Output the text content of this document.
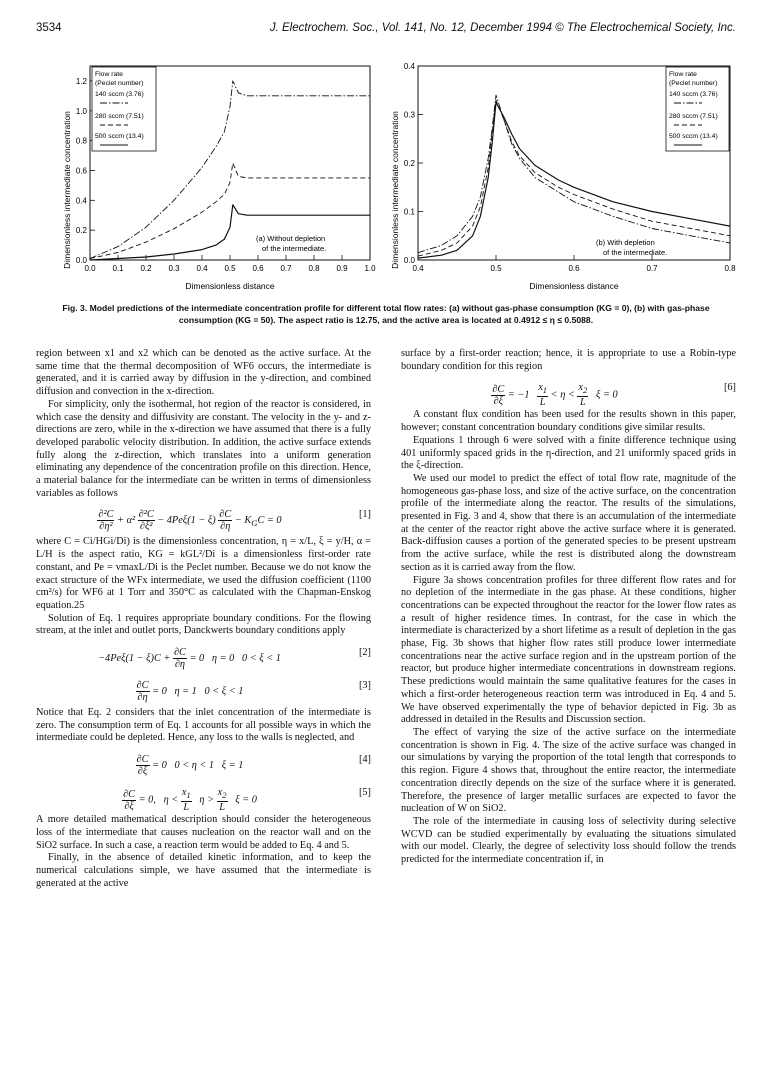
3534	J. Electrochem. Soc., Vol. 141, No. 12, December 1994 © The Electrochemical Society, Inc.
Dimensionless intermediate concentration 0.0 0.1 0.2 0.3 0.4 0.5 0.6 0.7 0.8 0.9 1.0
0.0
0.2
0.4
0.6
0.8
1.0
1.2
Dimensionless distance
(a) Without depletion
of the intermediate.
Flow rate
(Peclet number)
140 sccm (3.76)
280 sccm (7.51)
500 sccm (13.4)	Dimensionless intermediate concentration 0.4	0.5	0.6	0.7	0.8
0.0
0.1
0.2
0.3
0.4
Dimensionless distance
(b) With depletion
of the intermediate.
Flow rate
(Peclet number)
140 sccm (3.76)
280 sccm (7.51)
500 sccm (13.4)
Fig. 3. Model predictions of the intermediate concentration profile for different total flow rates: (a) without gas-phase consumption (KG = 0), (b) with gas-phase consumption (KG = 50). The aspect ratio is 12.75, and the active area is located at 0.4912 ≤ η ≤ 0.5088.

region between x1 and x2 which can be denoted as the active surface. At the same time that the thermal decomposition of WF6 occurs, the intermediate is generated, and it is carried away by diffusion in the y-direction, and combined diffusion and convection in the x-direction.

For simplicity, only the isothermal, hot region of the reactor is considered, in which case the density and diffusivity are constant. The velocity in the y- and z-directions are zero, while in the x-direction we have assumed that there is a fully developed parabolic velocity distribution. In addition, the active surface extends fully along the z-direction, which translates into a uniform generation eliminating any dependence of the concentration profile on this direction. Hence, a material balance for the intermediate can be written in terms of dimensionless variables as follows

$\frac{\text{∂²C}}{\text{∂η²}} + \alpha^2 \frac{\text{∂²C}}{\text{∂ξ²}} - 4Pe\xi(1 - \xi) \frac{\partial C}{\partial\eta} - K_GC = 0$
[1]

where C = Ci/HGi/Di) is the dimensionless concentration, η = x/L, ξ = y/H, α = L/H is the aspect ratio, KG = kGL²/Di is a dimensionless first-order rate constant, and Pe = vmaxL/Di is the Peclet number. Because we do not know the exact structure of the WFx intermediate, we used the diffusion coefficient (1100 cm²/s) for WF6 at 1 Torr and 350°C as calculated with the Chapman-Enskog equation.25

Solution of Eq. 1 requires appropriate boundary conditions. For the flowing stream, at the inlet and outlet ports, Danckwerts boundary conditions apply

$-4Pe\xi(1 - \xi)C + \frac{\partial C}{\partial\eta} = 0$   η = 0   0 < ξ < 1
[2]
$\frac{\partial C}{\partial\eta} = 0$   η = 1   0 < ξ < 1
[3]

Notice that Eq. 2 considers that the inlet concentration of the intermediate is zero. The consumption term of Eq. 1 accounts for all possible ways in which the intermediate could be depleted. Hence, any loss to the walls is neglected, and

$\frac{\partial C}{\partial\xi} = 0$   0 < η < 1   ξ = 1
[4]
$\frac{\partial C}{\partial\xi} = 0$,   $\eta < \frac{x_1}{L}$ $\eta > \frac{x_2}{L}$ ξ = 0
[5]

A more detailed mathematical description should consider the heterogeneous loss of the intermediate that causes nucleation on the reactor wall and on the SiO2 surface. In such a case, a reaction term would be added to Eq. 4 and 5.

Finally, in the absence of detailed kinetic information, and to keep the numerical calculations simple, we have assumed that the intermediate is generated at the active

surface by a first-order reaction; hence, it is appropriate to use a Robin-type boundary condition for this region

$\frac{\partial C}{\partial\xi} = -1 \frac{x_1}{L} < \eta < \frac{x_2}{L}$ ξ = 0
[6]

A constant flux condition has been used for the results shown in this paper, however; constant concentration boundary conditions give similar results.

Equations 1 through 6 were solved with a finite difference technique using 401 uniformly spaced grids in the η-direction, and 21 uniformly spaced grids in the ξ-direction.

We used our model to predict the effect of total flow rate, magnitude of the homogeneous gas-phase loss, and size of the active surface, on the concentration profile of the intermediate along the reactor. The results of the simulations, presented in Fig. 3 and 4, show that there is an accumulation of the intermediate at the center of the reactor right above the active surface where it is generated. Back-diffusion causes a portion of the generated species to be present upstream from the active surface, while the rest is distributed along the downstream section as it is carried away from the flow.

Figure 3a shows concentration profiles for three different flow rates and for no depletion of the intermediate in the gas phase. At these conditions, higher concentrations can be expected throughout the reactor for the lower flow rates as a result of higher residence times. In contrast, for the case in which the intermediate is characterized by a short lifetime as a result of depletion in the gas phase, Fig. 3b shows that higher flow rates still produce lower intermediate concentrations near the active surface region and in the upstream portion of the reactor, but produce higher intermediate concentrations in downstream regions. These predictions would maintain the same qualitative features for the cases in which a first-order heterogeneous reaction term was introduced in Eq. 4 and 5. We have observed experimentally the type of behavior depicted in Fig. 3b as addressed in detailed in the Results and Discussion section.

The effect of varying the size of the active surface on the intermediate concentration is shown in Fig. 4. The size of the active surface was changed in our simulations by varying the proportion of the total length that corresponds to this region. Figure 4 shows that, throughout the entire reactor, the intermediate concentration directly depends on the size of the surface where it is generated. Therefore, the presence of larger metallic surfaces are expected to favor the nucleation of W on SiO2.

The role of the intermediate in causing loss of selectivity during selective WCVD can be studied experimentally by evaluating the situations simulated with our model. Clearly, the degree of selectivity loss should follow the trends predicted for the intermediate concentration if, in
